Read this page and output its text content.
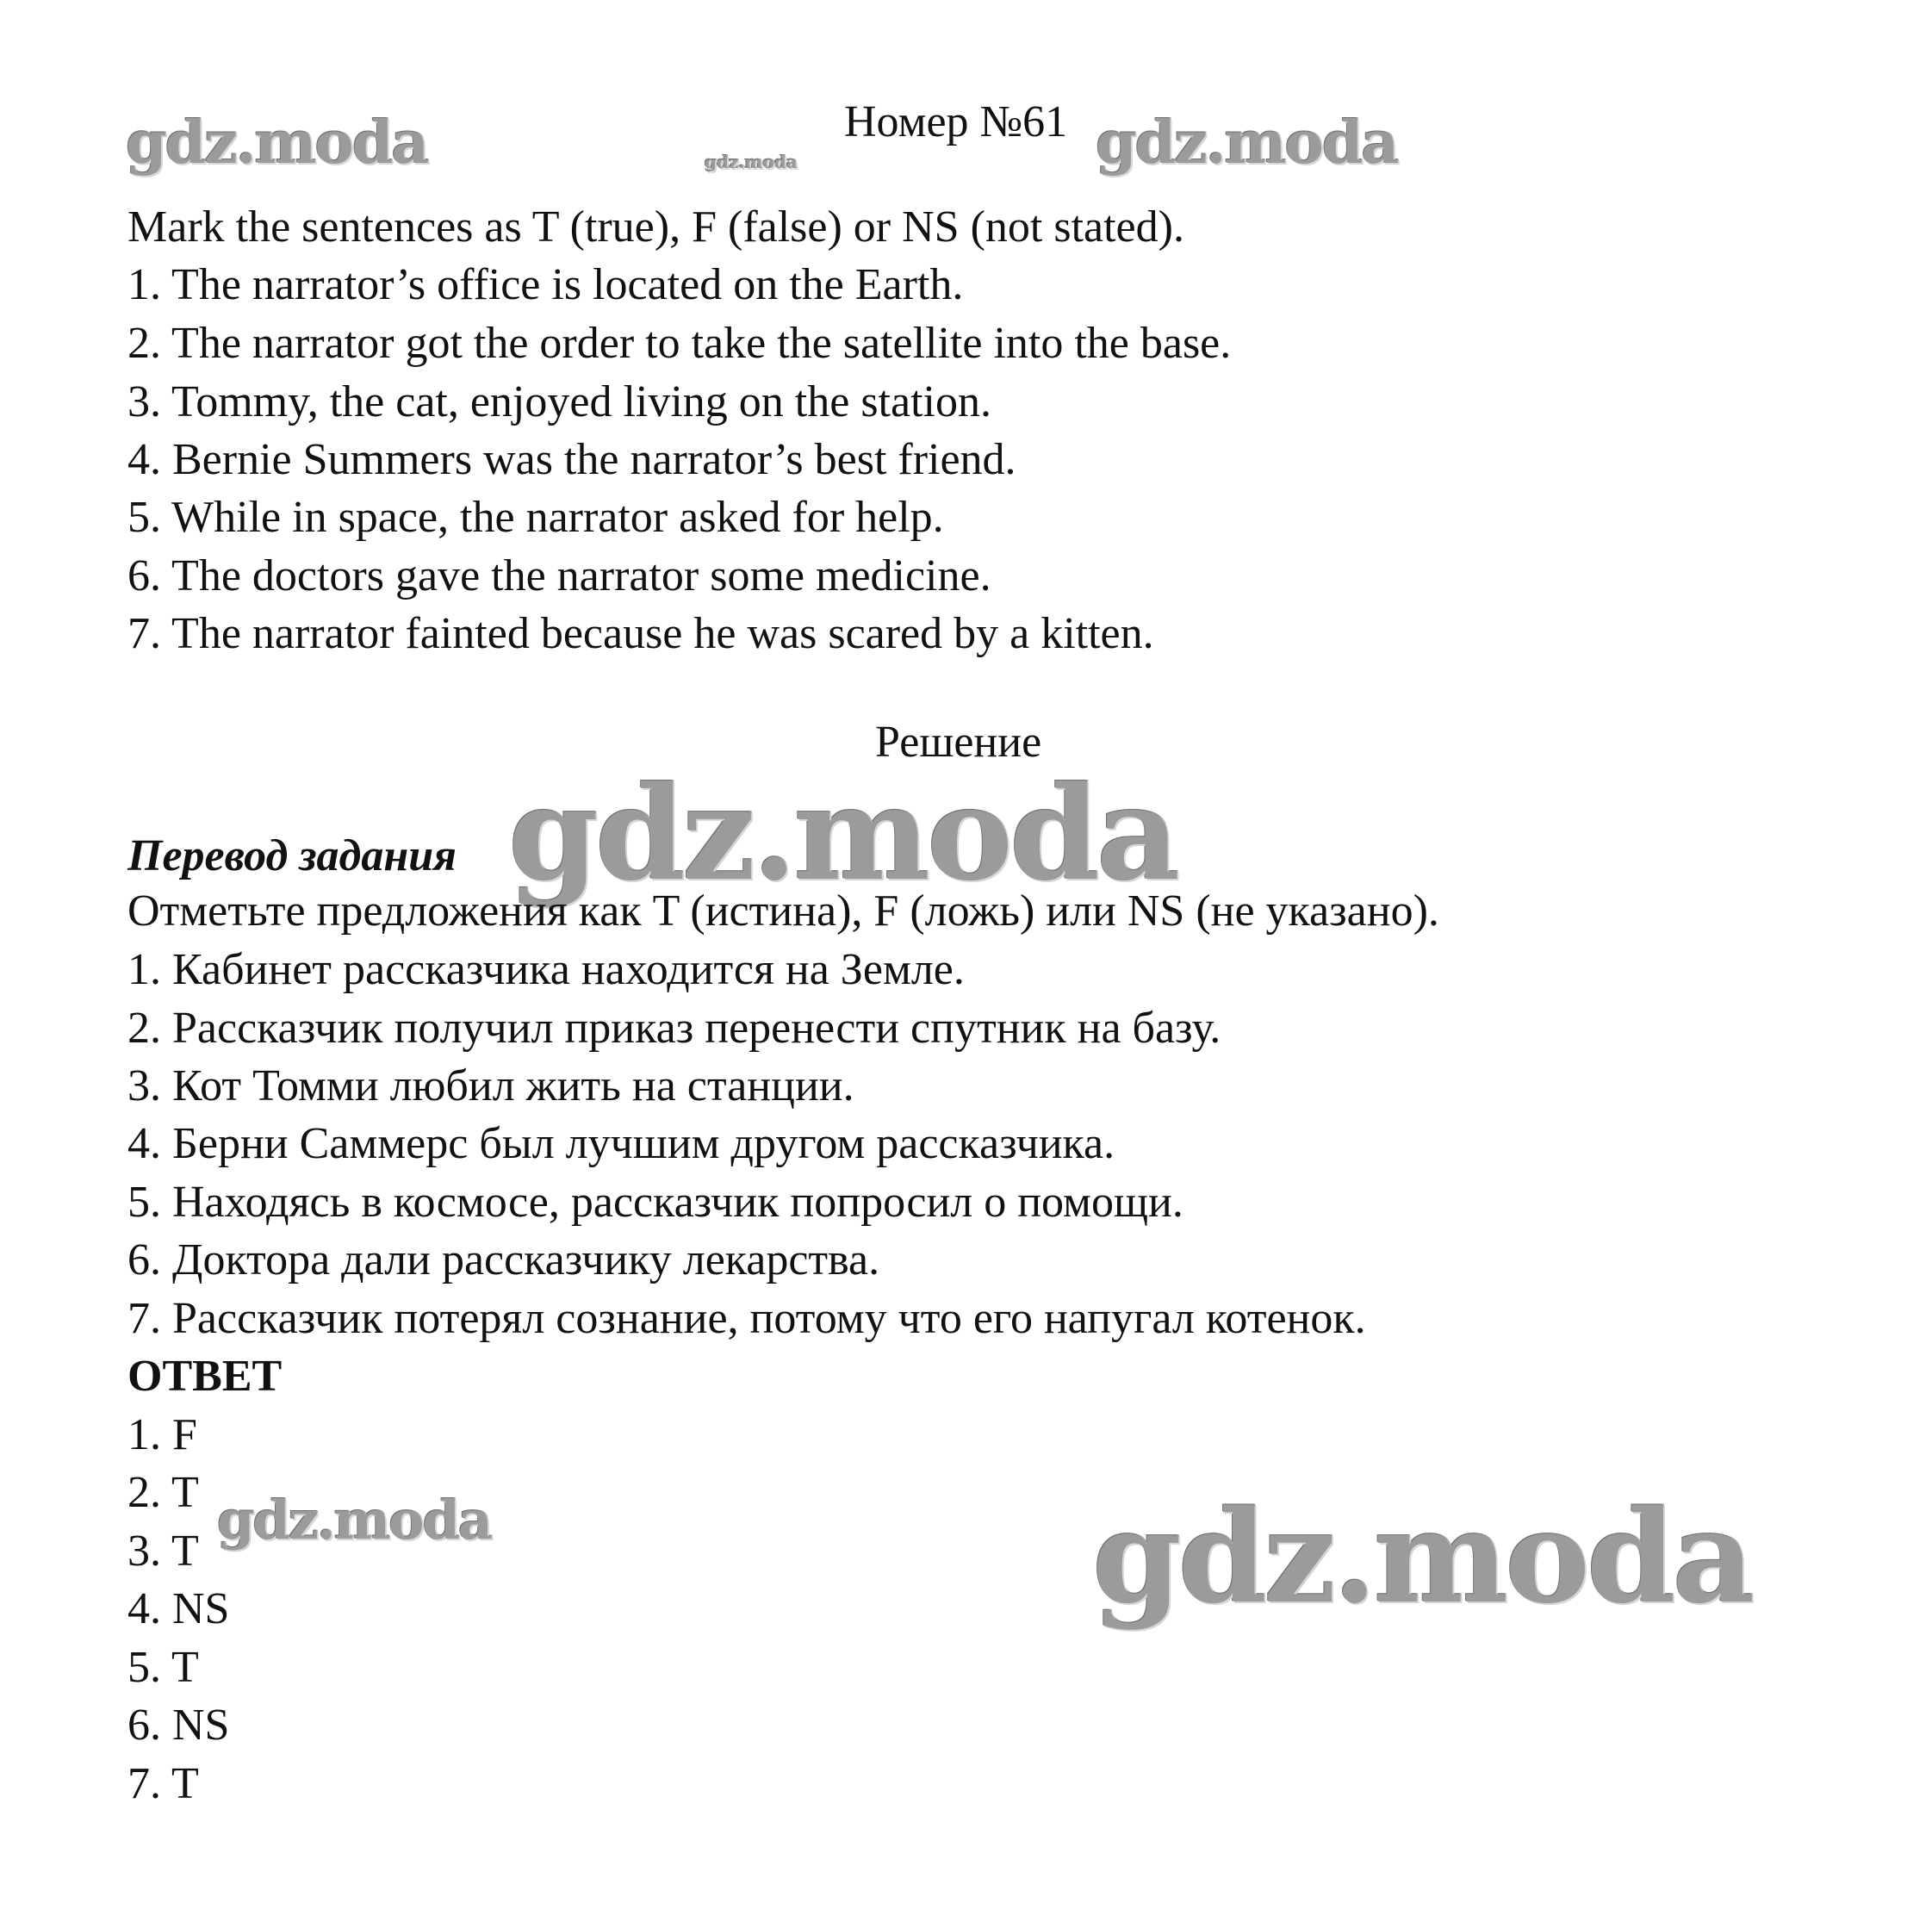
Номер №61
gdz.moda	gdz.moda	gdz.moda
gdz.moda
gdz.moda	gdz.moda
Mark the sentences as T (true), F (false) or NS (not stated).
1. The narrator’s office is located on the Earth.
2. The narrator got the order to take the satellite into the base.
3. Tommy, the cat, enjoyed living on the station.
4. Bernie Summers was the narrator’s best friend.
5. While in space, the narrator asked for help.
6. The doctors gave the narrator some medicine.
7. The narrator fainted because he was scared by a kitten.
Решение
Перевод задания
Отметьте предложения как T (истина), F (ложь) или NS (не указано).
1. Кабинет рассказчика находится на Земле.
2. Рассказчик получил приказ перенести спутник на базу.
3. Кот Томми любил жить на станции.
4. Берни Саммерс был лучшим другом рассказчика.
5. Находясь в космосе, рассказчик попросил о помощи.
6. Доктора дали рассказчику лекарства.
7. Рассказчик потерял сознание, потому что его напугал котенок.
ОТВЕТ
1. F
2. T
3. T
4. NS
5. T
6. NS
7. T
